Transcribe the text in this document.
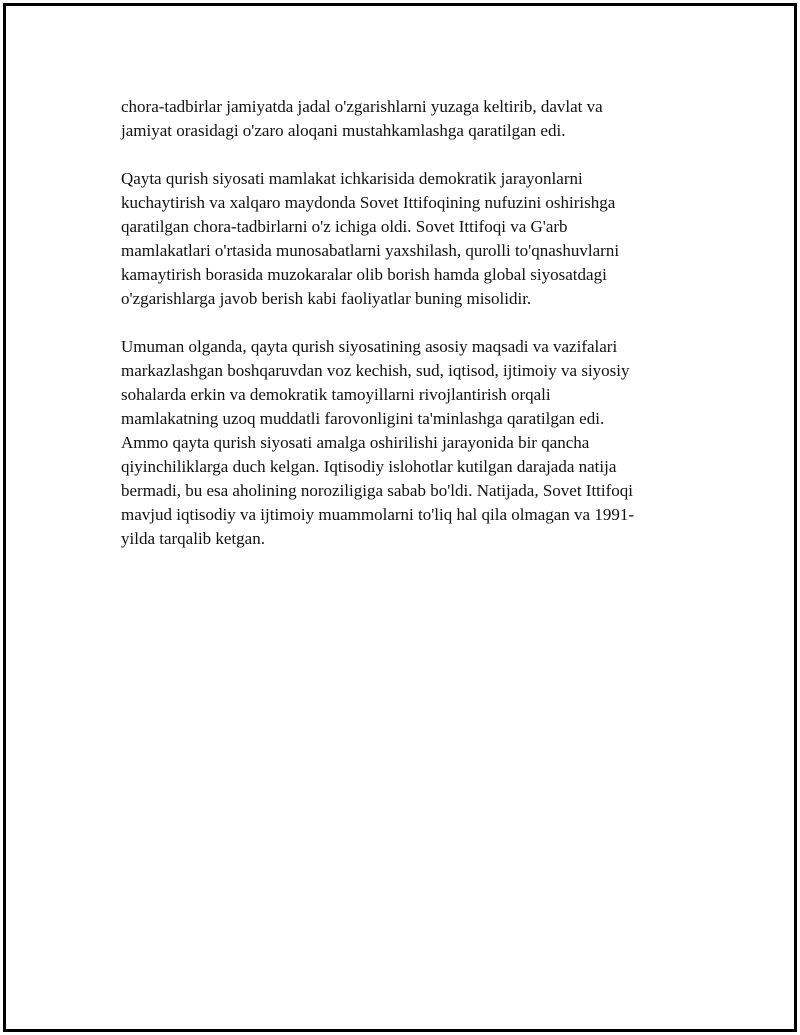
chora-tadbirlar jamiyatda jadal o'zgarishlarni yuzaga keltirib, davlat va
jamiyat orasidagi o'zaro aloqani mustahkamlashga qaratilgan edi.

Qayta qurish siyosati mamlakat ichkarisida demokratik jarayonlarni
kuchaytirish va xalqaro maydonda Sovet Ittifoqining nufuzini oshirishga
qaratilgan chora-tadbirlarni o'z ichiga oldi. Sovet Ittifoqi va G'arb
mamlakatlari o'rtasida munosabatlarni yaxshilash, qurolli to'qnashuvlarni
kamaytirish borasida muzokaralar olib borish hamda global siyosatdagi
o'zgarishlarga javob berish kabi faoliyatlar buning misolidir.

Umuman olganda, qayta qurish siyosatining asosiy maqsadi va vazifalari
markazlashgan boshqaruvdan voz kechish, sud, iqtisod, ijtimoiy va siyosiy
sohalarda erkin va demokratik tamoyillarni rivojlantirish orqali
mamlakatning uzoq muddatli farovonligini ta'minlashga qaratilgan edi.
Ammo qayta qurish siyosati amalga oshirilishi jarayonida bir qancha
qiyinchiliklarga duch kelgan. Iqtisodiy islohotlar kutilgan darajada natija
bermadi, bu esa aholining noroziligiga sabab bo'ldi. Natijada, Sovet Ittifoqi
mavjud iqtisodiy va ijtimoiy muammolarni to'liq hal qila olmagan va 1991-
yilda tarqalib ketgan.
